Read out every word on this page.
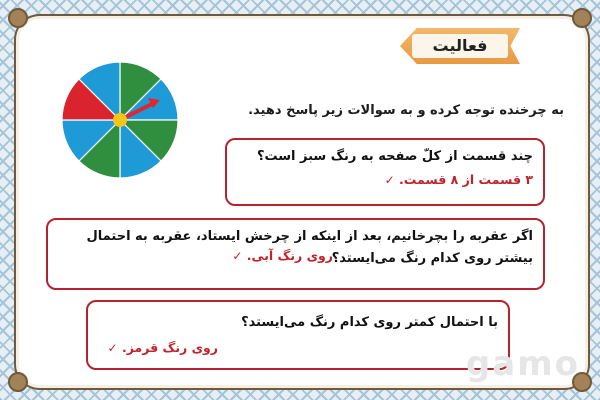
فعالیت
به چرخنده توجه کرده و به سوالات زیر پاسخ دهید.
چند قسمت از کلّ صفحه به رنگ سبز است؟
۳ قسمت از ۸ قسمت. ✓
اگر عقربه را بچرخانیم، بعد از اینکه از چرخش ایستاد، عقربه به احتمال بیشتر روی کدام رنگ می‌ایستد؟
روی رنگ آبی. ✓
با احتمال کمتر روی کدام رنگ می‌ایستد؟
روی رنگ قرمز. ✓	gamo
